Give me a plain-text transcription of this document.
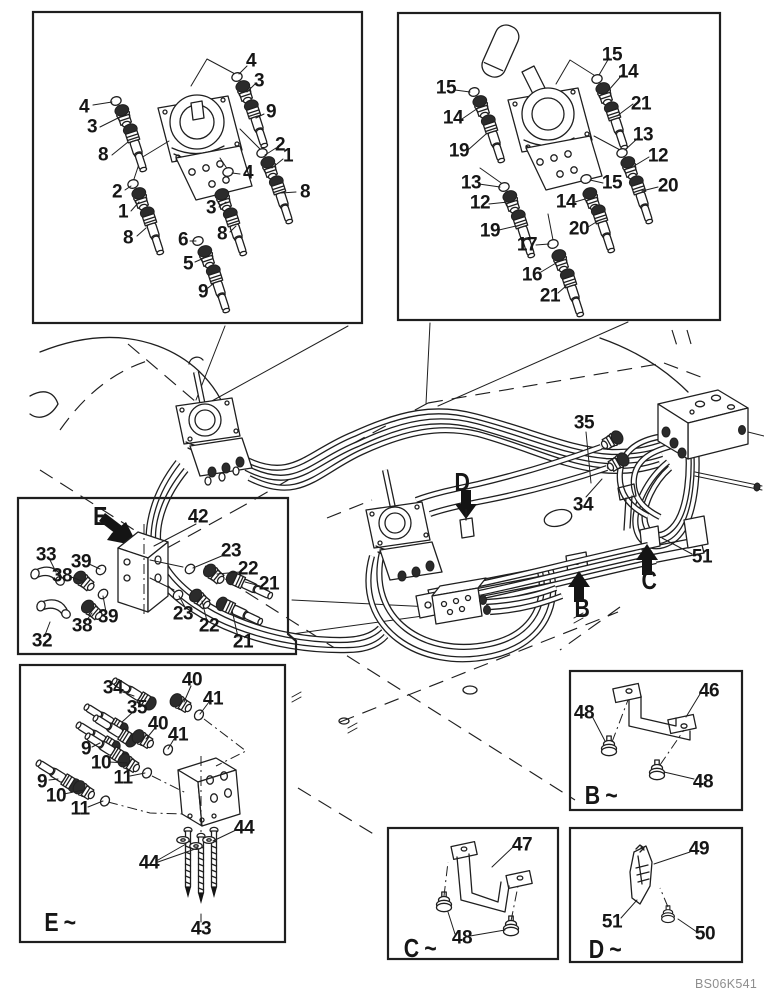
4
3
8
2
1
8
4
3
9
2
1
8
4
3
8
6
5
9
15
14
19
13
12
19
15
14
21
13
12
20
15
14
20
17
16
21
35
34
51
D
B
C
E	42
33 39
38
23
22
21
39
38
32
23
22
21
E ~
34	40
41
35
40
41
9
10
11
9
10
11
44
44
43
B ~
46
48
48
C ~
47
48	D ~
49
51
50
BS06K541
